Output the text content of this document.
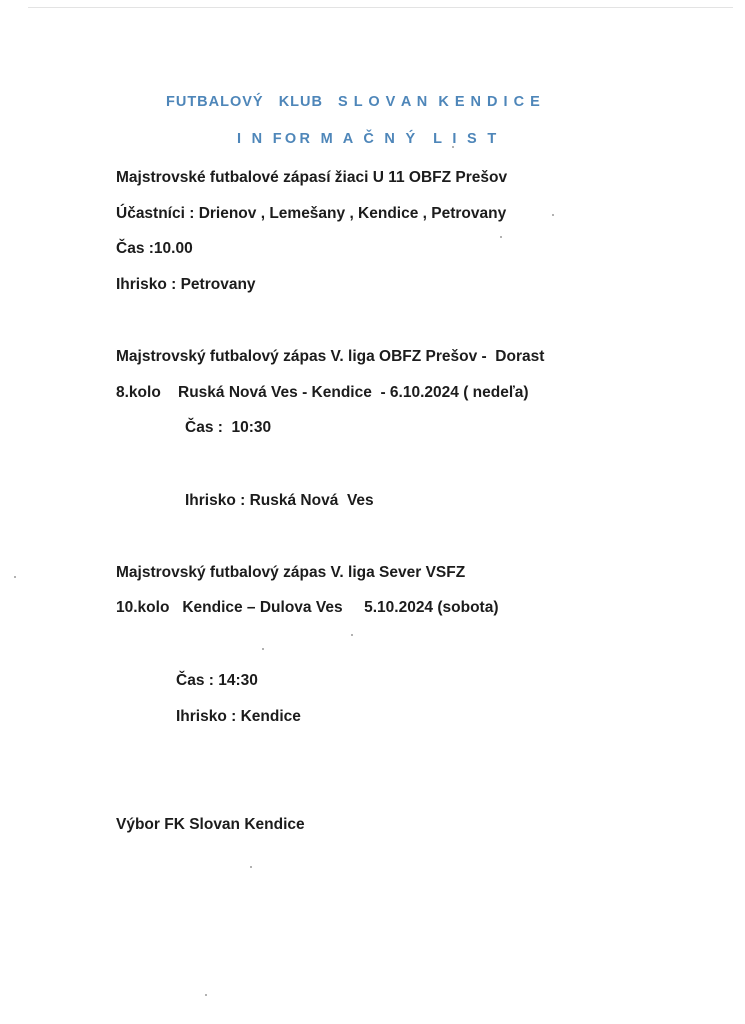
FUTBALOVÝ   KLUB   S L O V A N  K E N D I C E
I N FOR M A Č N Ý  L I S T
Majstrovské futbalové zápasí žiaci U 11 OBFZ Prešov
Účastníci : Drienov , Lemešany , Kendice , Petrovany
Čas :10.00
Ihrisko : Petrovany
Majstrovský futbalový zápas V. liga OBFZ Prešov -  Dorast
8.kolo    Ruská Nová Ves - Kendice  - 6.10.2024 ( nedeľa)
Čas :  10:30
Ihrisko : Ruská Nová  Ves
Majstrovský futbalový zápas V. liga Sever VSFZ
10.kolo   Kendice – Dulova Ves     5.10.2024 (sobota)
Čas : 14:30
Ihrisko : Kendice
Výbor FK Slovan Kendice
